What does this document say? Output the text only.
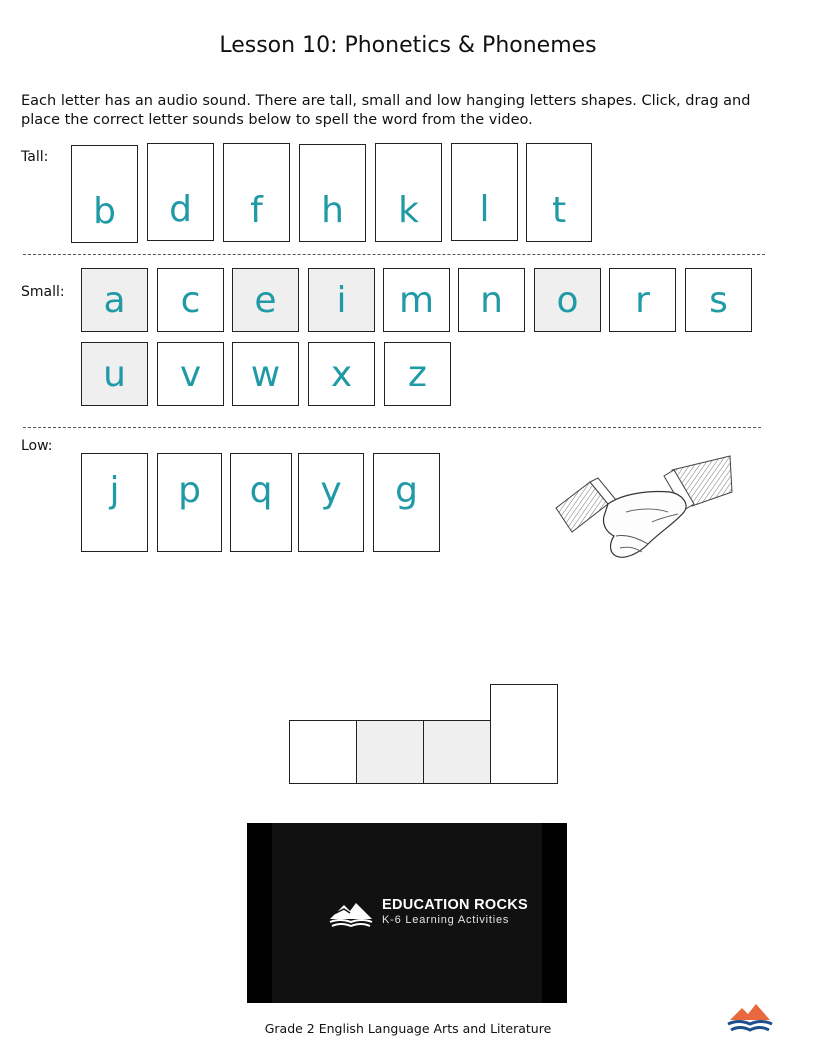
Lesson 10: Phonetics & Phonemes
Each letter has an audio sound. There are tall, small and low hanging letters shapes. Click, drag and place the correct letter sounds below to spell the word from the video.
Tall:
b	d	f	h	k	l	t
Small:	a	c	e	i	m	n	o	r	s
u	v	w	x	z
Low:
j	p	q	y	g
EDUCATION ROCKS
K-6 Learning Activities
Grade 2 English Language Arts and Literature
